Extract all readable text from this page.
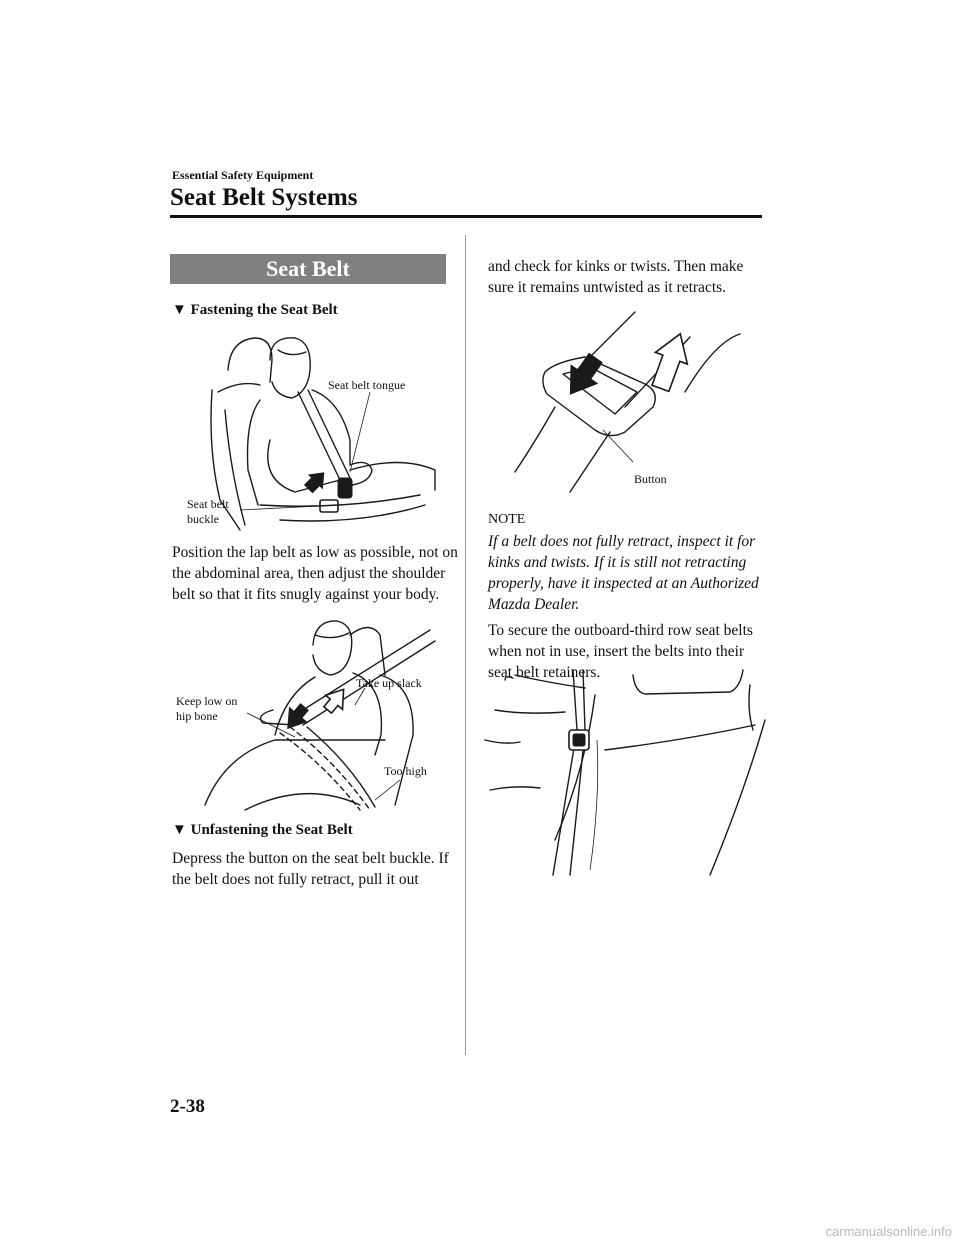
Essential Safety Equipment
Seat Belt Systems
Seat Belt
▼ Fastening the Seat Belt
Seat belt tongue
Seat belt
buckle
Position the lap belt as low as possible, not on the abdominal area, then adjust the shoulder belt so that it fits snugly against your body.
Take up slack
Keep low on
hip bone
Too high
▼ Unfastening the Seat Belt
Depress the button on the seat belt buckle. If the belt does not fully retract, pull it out
and check for kinks or twists. Then make sure it remains untwisted as it retracts.
Button
NOTE
If a belt does not fully retract, inspect it for kinks and twists. If it is still not retracting properly, have it inspected at an Authorized Mazda Dealer.
To secure the outboard-third row seat belts when not in use, insert the belts into their seat belt retainers.
2-38
carmanualsonline.info
